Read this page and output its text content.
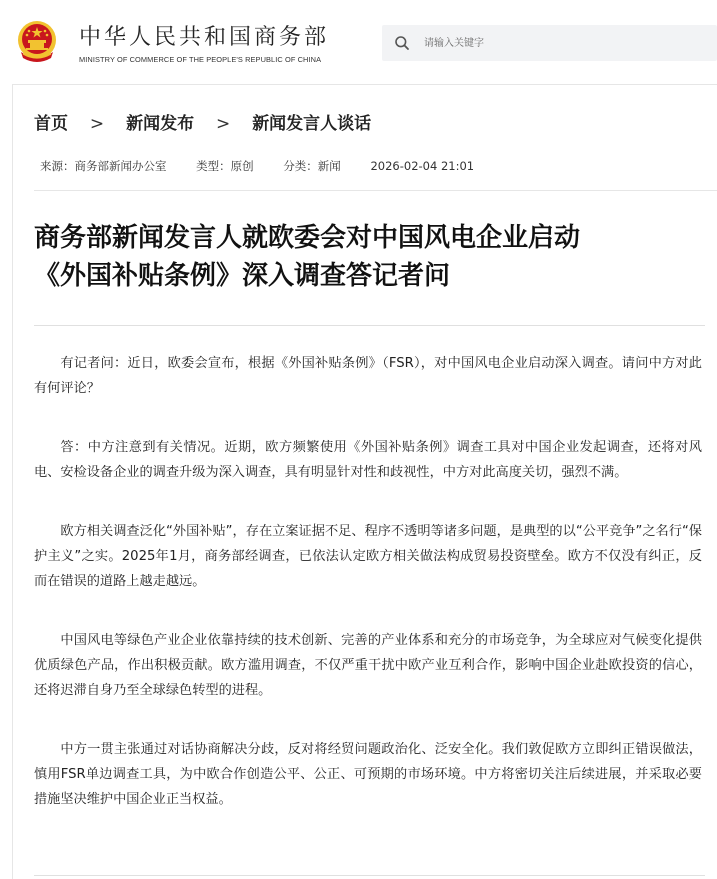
中华人民共和国商务部
MINISTRY OF COMMERCE OF THE PEOPLE'S REPUBLIC OF CHINA
请输入关键字
首页 > 新闻发布 > 新闻发言人谈话
来源：商务部新闻办公室	类型：原创	分类：新闻	2026-02-04 21:01
商务部新闻发言人就欧委会对中国风电企业启动
《外国补贴条例》深入调查答记者问

有记者问：近日，欧委会宣布，根据《外国补贴条例》（FSR），对中国风电企业启动深入调查。请问中方对此有何评论？

答：中方注意到有关情况。近期，欧方频繁使用《外国补贴条例》调查工具对中国企业发起调查，还将对风电、安检设备企业的调查升级为深入调查，具有明显针对性和歧视性，中方对此高度关切，强烈不满。

欧方相关调查泛化“外国补贴”，存在立案证据不足、程序不透明等诸多问题，是典型的以“公平竞争”之名行“保护主义”之实。2025年1月，商务部经调查，已依法认定欧方相关做法构成贸易投资壁垒。欧方不仅没有纠正，反而在错误的道路上越走越远。

中国风电等绿色产业企业依靠持续的技术创新、完善的产业体系和充分的市场竞争，为全球应对气候变化提供优质绿色产品，作出积极贡献。欧方滥用调查，不仅严重干扰中欧产业互利合作，影响中国企业赴欧投资的信心，还将迟滞自身乃至全球绿色转型的进程。

中方一贯主张通过对话协商解决分歧，反对将经贸问题政治化、泛安全化。我们敦促欧方立即纠正错误做法，慎用FSR单边调查工具，为中欧合作创造公平、公正、可预期的市场环境。中方将密切关注后续进展，并采取必要措施坚决维护中国企业正当权益。
